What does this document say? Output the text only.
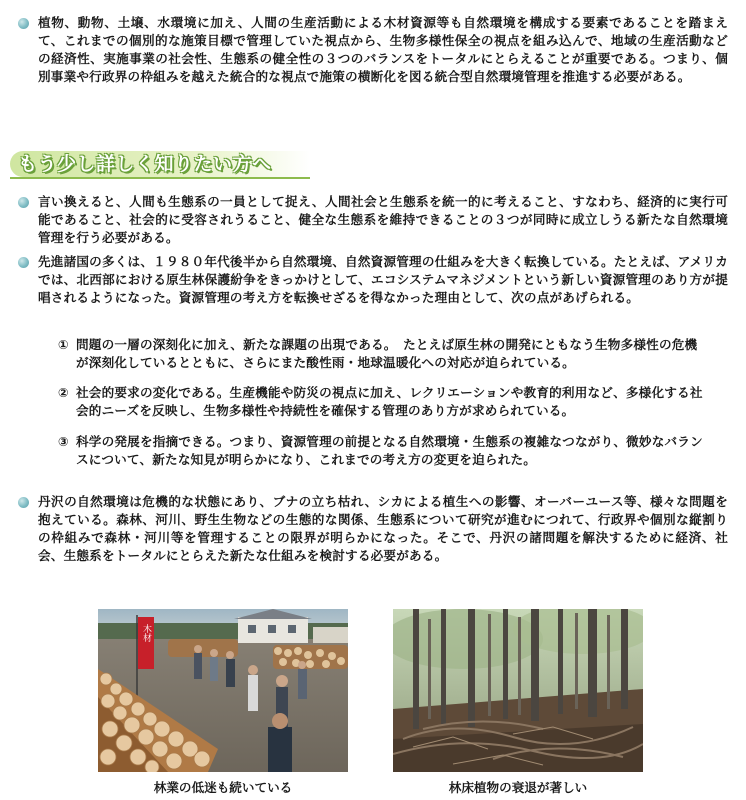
植物、動物、土壌、水環境に加え、人間の生産活動による木材資源等も自然環境を構成する要素であることを踏まえて、これまでの個別的な施策目標で管理していた視点から、生物多様性保全の視点を組み込んで、地域の生産活動などの経済性、実施事業の社会性、生態系の健全性の３つのバランスをトータルにとらえることが重要である。つまり、個別事業や行政界の枠組みを越えた統合的な視点で施策の横断化を図る統合型自然環境管理を推進する必要がある。
もう少し詳しく知りたい方へ
言い換えると、人間も生態系の一員として捉え、人間社会と生態系を統一的に考えること、すなわち、経済的に実行可能であること、社会的に受容されうること、健全な生態系を維持できることの３つが同時に成立しうる新たな自然環境管理を行う必要がある。
先進諸国の多くは、１９８０年代後半から自然環境、自然資源管理の仕組みを大きく転換している。たとえば、アメリカでは、北西部における原生林保護紛争をきっかけとして、エコシステムマネジメントという新しい資源管理のあり方が提唱されるようになった。資源管理の考え方を転換せざるを得なかった理由として、次の点があげられる。
① 問題の一層の深刻化に加え、新たな課題の出現である。　たとえば原生林の開発にともなう生物多様性の危機が深刻化しているとともに、さらにまた酸性雨・地球温暖化への対応が迫られている。
② 社会的要求の変化である。生産機能や防災の視点に加え、レクリエーションや教育的利用など、多様化する社会的ニーズを反映し、生物多様性や持続性を確保する管理のあり方が求められている。
③ 科学の発展を指摘できる。つまり、資源管理の前提となる自然環境・生態系の複雑なつながり、微妙なバランスについて、新たな知見が明らかになり、これまでの考え方の変更を迫られた。
丹沢の自然環境は危機的な状態にあり、ブナの立ち枯れ、シカによる植生への影響、オーバーユース等、様々な問題を抱えている。森林、河川、野生生物などの生態的な関係、生態系について研究が進むにつれて、行政界や個別な縦割りの枠組みで森林・河川等を管理することの限界が明らかになった。そこで、丹沢の諸問題を解決するために経済、社会、生態系をトータルにとらえた新たな仕組みを検討する必要がある。
木材
林業の低迷も続いている	林床植物の衰退が著しい
